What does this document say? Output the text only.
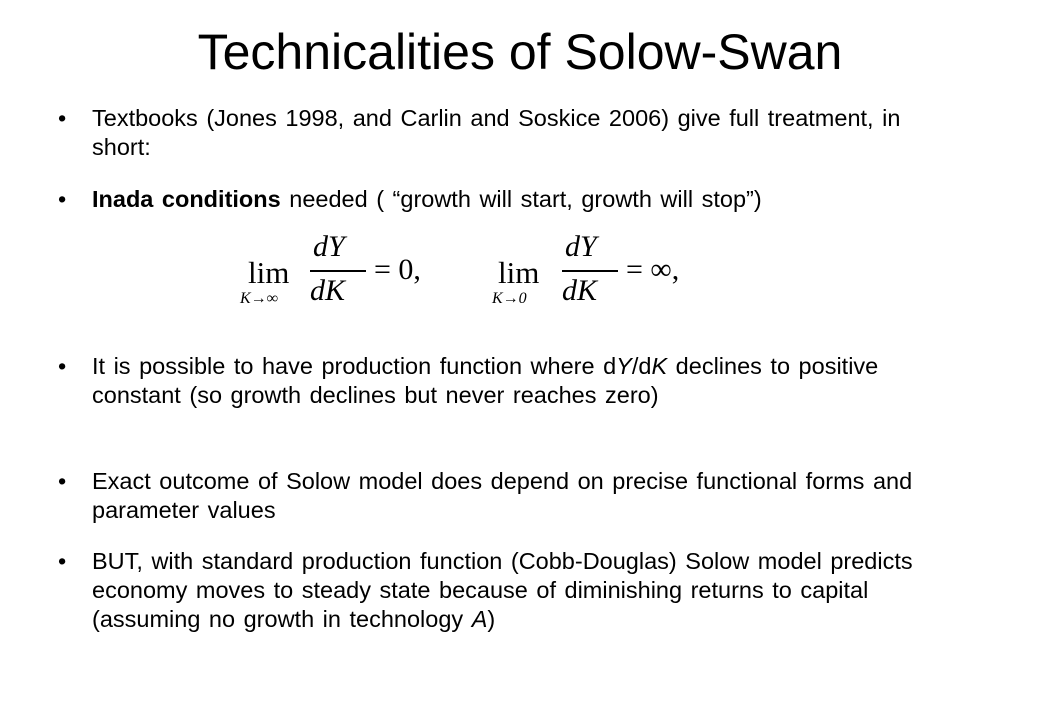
Technicalities of Solow-Swan
• Textbooks (Jones 1998, and Carlin and Soskice 2006) give full treatment, in short:
• Inada conditions needed ( “growth will start, growth will stop”)
lim
K→∞
dY
dK
= 0, lim
K→0
dY
dK
= ∞,
• It is possible to have production function where dY/dK declines to positive constant (so growth declines but never reaches zero)
• Exact outcome of Solow model does depend on precise functional forms and parameter values
• BUT, with standard production function (Cobb-Douglas) Solow model predicts economy moves to steady state because of diminishing returns to capital (assuming no growth in technology A)
